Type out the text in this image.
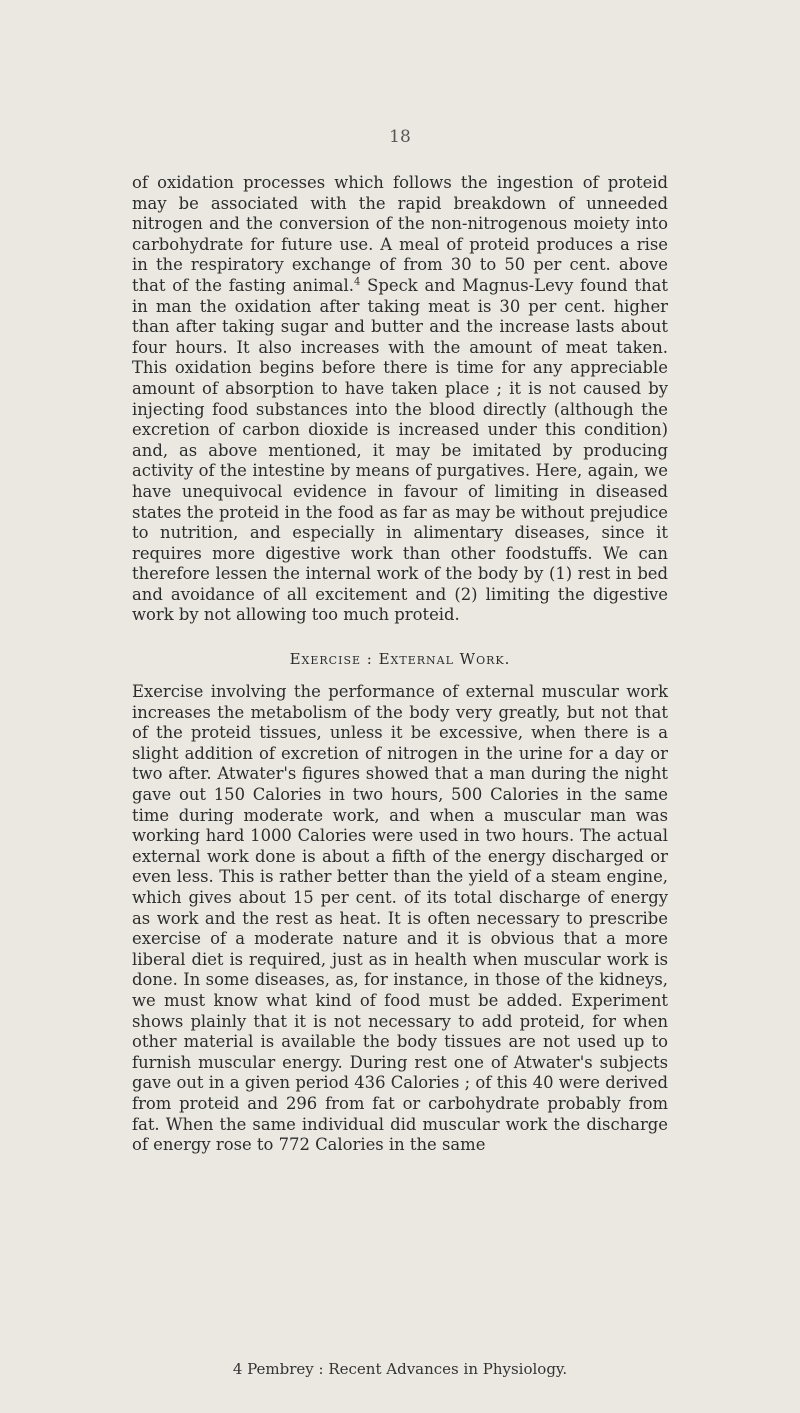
18

of oxidation processes which follows the ingestion of proteid may be associated with the rapid breakdown of unneeded nitrogen and the conversion of the non-nitrogenous moiety into carbohydrate for future use. A meal of proteid produces a rise in the respiratory exchange of from 30 to 50 per cent. above that of the fasting animal.$^4$ Speck and Magnus-Levy found that in man the oxidation after taking meat is 30 per cent. higher than after taking sugar and butter and the increase lasts about four hours. It also increases with the amount of meat taken. This oxidation begins before there is time for any appreciable amount of absorption to have taken place ; it is not caused by injecting food substances into the blood directly (although the excretion of carbon dioxide is increased under this condition) and, as above mentioned, it may be imitated by producing activity of the intestine by means of purgatives. Here, again, we have unequivocal evidence in favour of limiting in diseased states the proteid in the food as far as may be without prejudice to nutrition, and especially in alimentary diseases, since it requires more digestive work than other foodstuffs. We can therefore lessen the internal work of the body by (1) rest in bed and avoidance of all excitement and (2) limiting the digestive work by not allowing too much proteid.

Exercise : External Work.

Exercise involving the performance of external muscular work increases the metabolism of the body very greatly, but not that of the proteid tissues, unless it be excessive, when there is a slight addition of excretion of nitrogen in the urine for a day or two after. Atwater's figures showed that a man during the night gave out 150 Calories in two hours, 500 Calories in the same time during moderate work, and when a muscular man was working hard 1000 Calories were used in two hours. The actual external work done is about a fifth of the energy discharged or even less. This is rather better than the yield of a steam engine, which gives about 15 per cent. of its total discharge of energy as work and the rest as heat. It is often necessary to prescribe exercise of a moderate nature and it is obvious that a more liberal diet is required, just as in health when muscular work is done. In some diseases, as, for instance, in those of the kidneys, we must know what kind of food must be added. Experiment shows plainly that it is not necessary to add proteid, for when other material is available the body tissues are not used up to furnish muscular energy. During rest one of Atwater's subjects gave out in a given period 436 Calories ; of this 40 were derived from proteid and 296 from fat or carbohydrate probably from fat. When the same individual did muscular work the discharge of energy rose to 772 Calories in the same

4 Pembrey : Recent Advances in Physiology.
